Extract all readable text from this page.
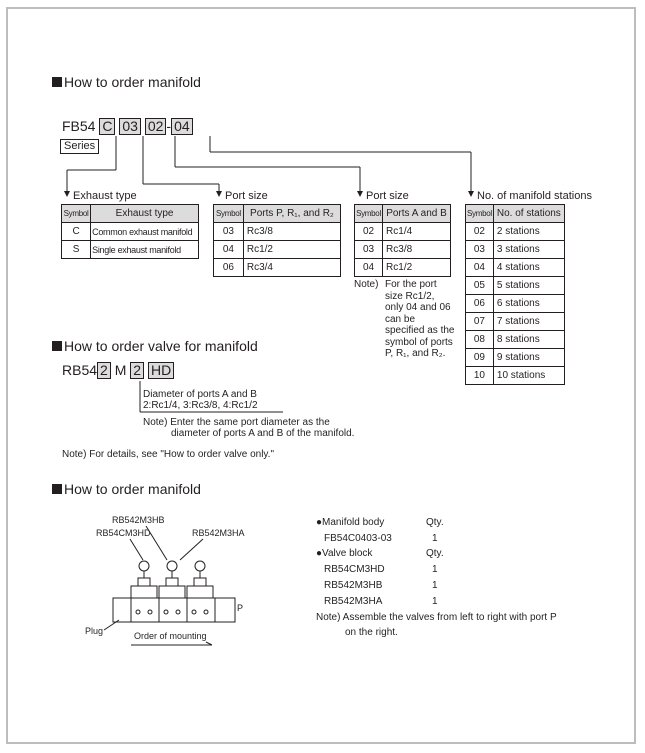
How to order manifold
FB54 C 03 02 - 04
Series
Exhaust type	Port size	Port size	No. of manifold stations
Symbol	Exhaust type
C	Common exhaust manifold
S	Single exhaust manifold
Symbol	Ports P, R₁, and R₂
03	Rc3/8
04	Rc1/2
06	Rc3/4
Symbol	Ports A and B
02	Rc1/4
03	Rc3/8
04	Rc1/2
Note) For the port size Rc1/2, only 04 and 06 can be specified as the symbol of ports P, R₁, and R₂.
Symbol	No. of stations
02	2 stations
03	3 stations
04	4 stations
05	5 stations
06	6 stations
07	7 stations
08	8 stations
09	9 stations
10	10 stations
How to order valve for manifold
RB54 2 M 2 HD
Diameter of ports A and B
2:Rc1/4, 3:Rc3/8, 4:Rc1/2
Note) Enter the same port diameter as the
diameter of ports A and B of the manifold.
Note) For details, see "How to order valve only."
How to order manifold
RB542M3HB
RB54CM3HD	RB542M3HA
P
Plug	Order of mounting
●Manifold body	Qty.
FB54C0403-03	1
●Valve block	Qty.
RB54CM3HD	1
RB542M3HB	1
RB542M3HA	1
Note) Assemble the valves from left to right with port P
on the right.
